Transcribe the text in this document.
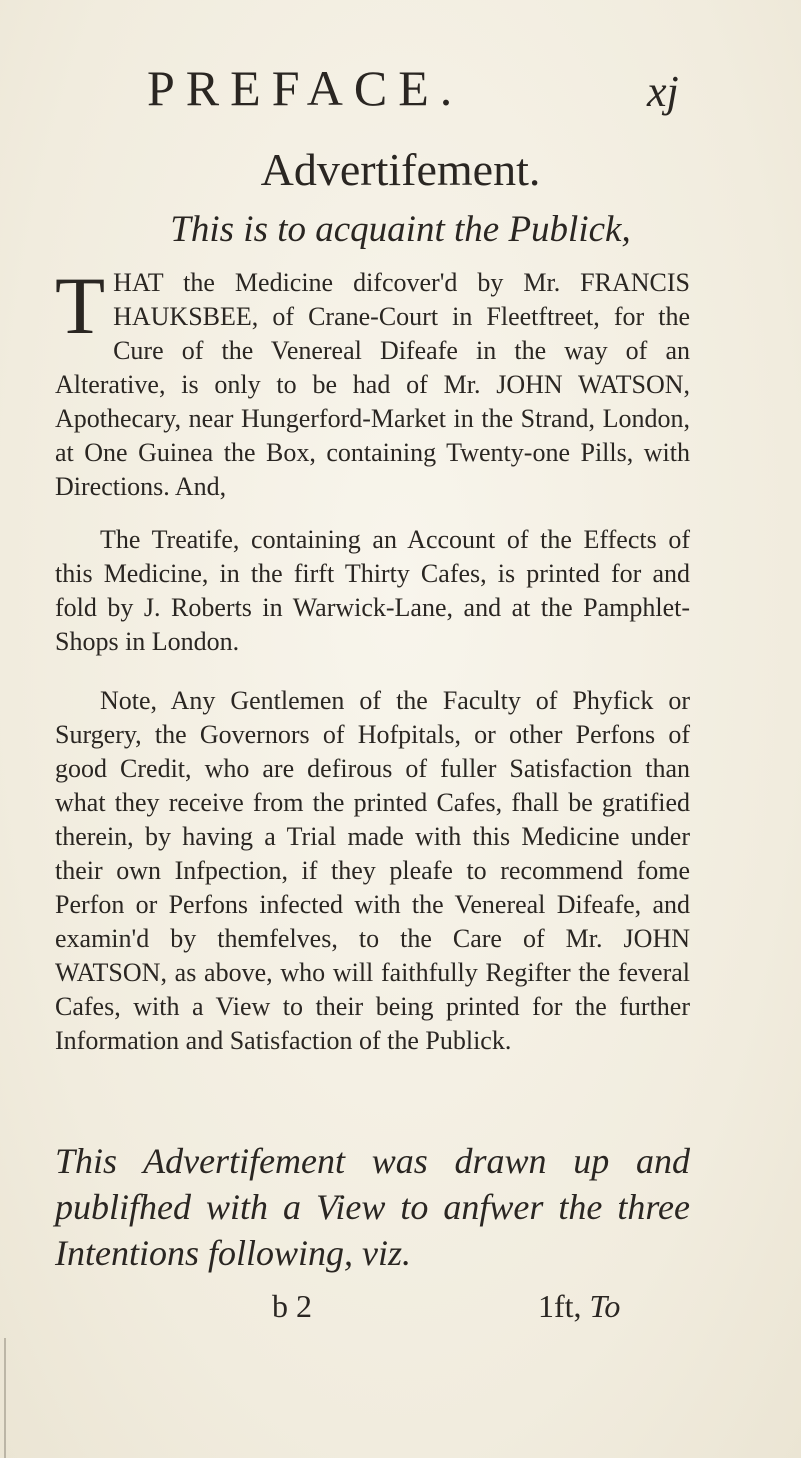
PREFACE.	xj
Advertifement.
This is to acquaint the Publick,

THAT the Medicine difcover'd by Mr. FRANCIS HAUKSBEE, of Crane-Court in Fleetftreet, for the Cure of the Venereal Difeafe in the way of an Alterative, is only to be had of Mr. JOHN WATSON, Apothecary, near Hungerford-Market in the Strand, London, at One Guinea the Box, containing Twenty-one Pills, with Directions. And,

The Treatife, containing an Account of the Effects of this Medicine, in the firft Thirty Cafes, is printed for and fold by J. Roberts in Warwick-Lane, and at the Pamphlet-Shops in London.

Note, Any Gentlemen of the Faculty of Phyfick or Surgery, the Governors of Hofpitals, or other Perfons of good Credit, who are defirous of fuller Satisfaction than what they receive from the printed Cafes, fhall be gratified therein, by having a Trial made with this Medicine under their own Infpection, if they pleafe to recommend fome Perfon or Perfons infected with the Venereal Difeafe, and examin'd by themfelves, to the Care of Mr. JOHN WATSON, as above, who will faithfully Regifter the feveral Cafes, with a View to their being printed for the further Information and Satisfaction of the Publick.

This Advertifement was drawn up and publifhed with a View to anfwer the three Intentions following, viz.
b 2	1ft, To
